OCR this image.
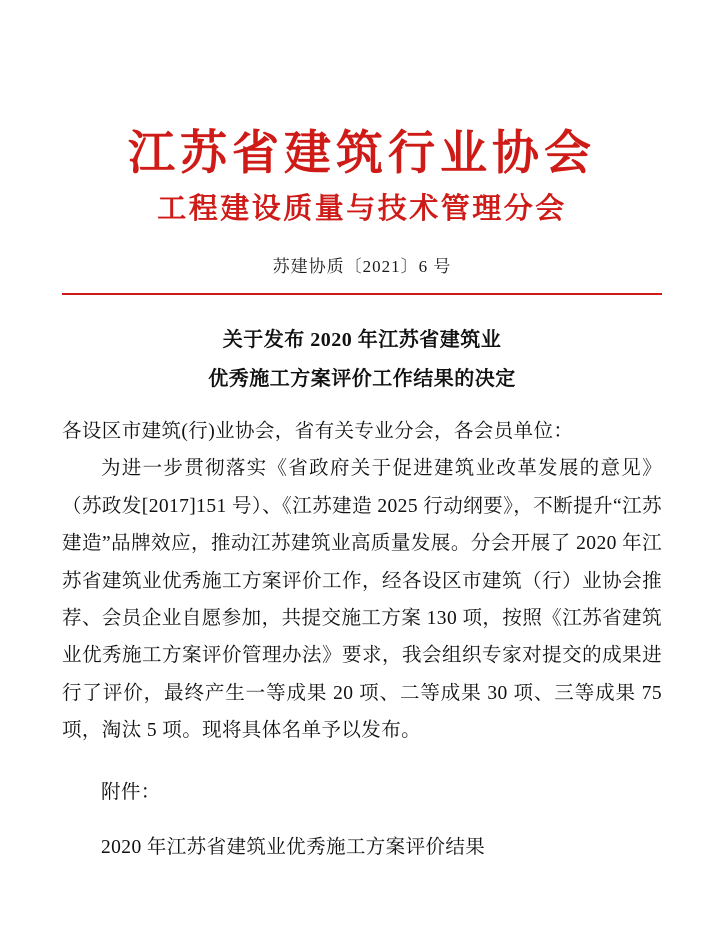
江苏省建筑行业协会
工程建设质量与技术管理分会
苏建协质〔2021〕6 号
关于发布 2020 年江苏省建筑业
优秀施工方案评价工作结果的决定

各设区市建筑(行)业协会，省有关专业分会，各会员单位：

为进一步贯彻落实《省政府关于促进建筑业改革发展的意见》（苏政发[2017]151 号）、《江苏建造 2025 行动纲要》，不断提升“江苏建造”品牌效应，推动江苏建筑业高质量发展。分会开展了 2020 年江苏省建筑业优秀施工方案评价工作，经各设区市建筑（行）业协会推荐、会员企业自愿参加，共提交施工方案 130 项，按照《江苏省建筑业优秀施工方案评价管理办法》要求，我会组织专家对提交的成果进行了评价，最终产生一等成果 20 项、二等成果 30 项、三等成果 75 项，淘汰 5 项。现将具体名单予以发布。

附件：

2020 年江苏省建筑业优秀施工方案评价结果
